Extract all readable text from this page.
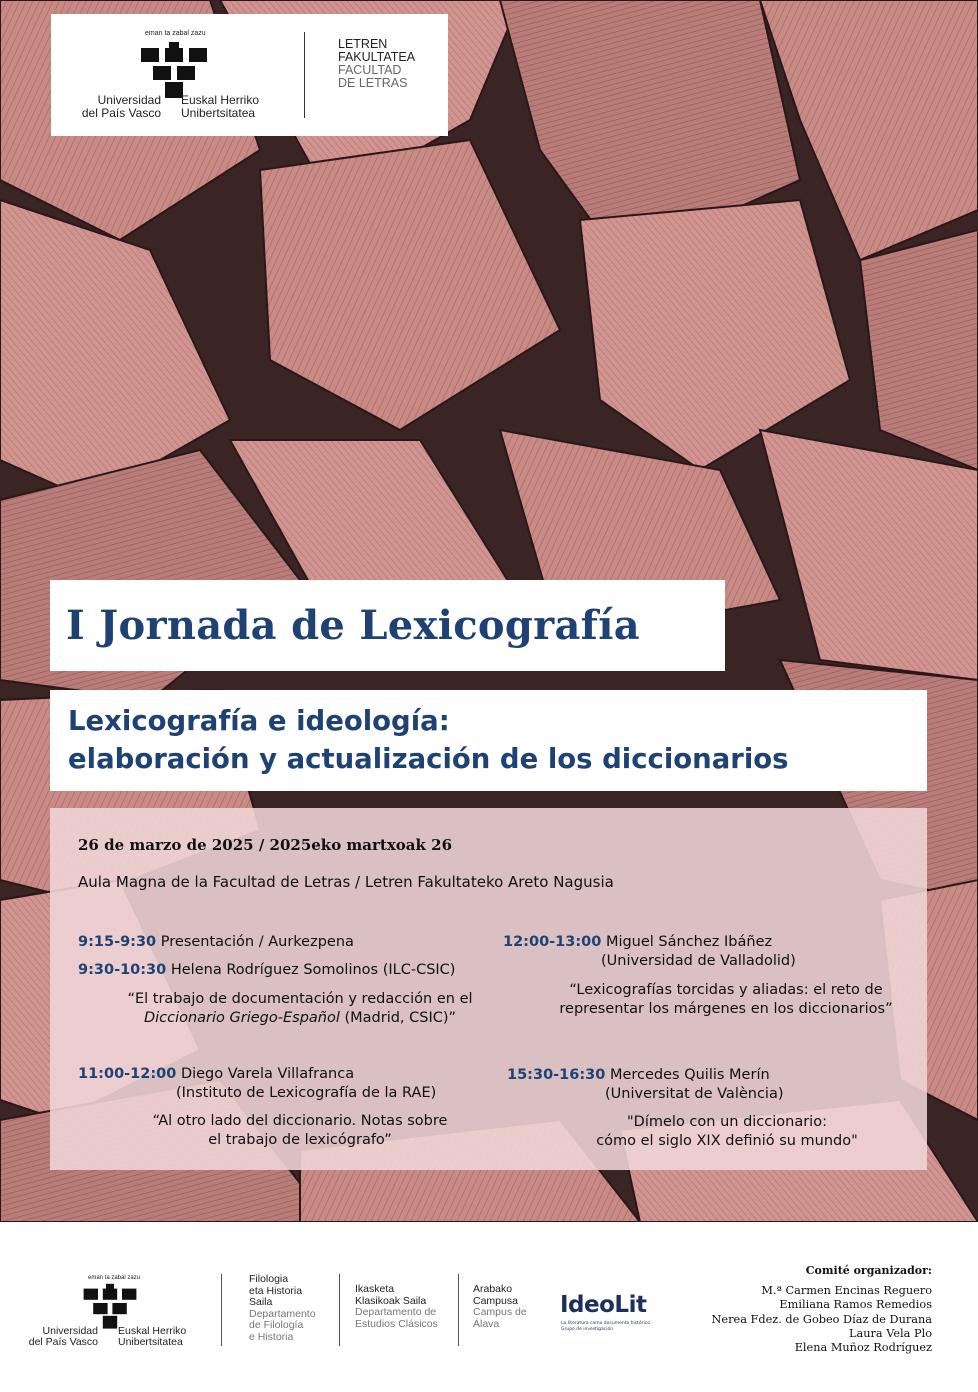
eman ta zabal zazu
Universidad
del País Vasco
Euskal Herriko
Unibertsitatea
LETREN
FAKULTATEA
FACULTAD
DE LETRAS
I Jornada de Lexicografía
Lexicografía e ideología:
elaboración y actualización de los diccionarios
26 de marzo de 2025 / 2025eko martxoak 26
Aula Magna de la Facultad de Letras / Letren Fakultateko Areto Nagusia
9:15-9:30 Presentación / Aurkezpena
9:30-10:30 Helena Rodríguez Somolinos (ILC-CSIC)
“El trabajo de documentación y redacción en el
Diccionario Griego-Español (Madrid, CSIC)”
11:00-12:00 Diego Varela Villafranca
(Instituto de Lexicografía de la RAE)
“Al otro lado del diccionario. Notas sobre
el trabajo de lexicógrafo”
12:00-13:00 Miguel Sánchez Ibáñez
(Universidad de Valladolid)
“Lexicografías torcidas y aliadas: el reto de
representar los márgenes en los diccionarios”
15:30-16:30 Mercedes Quilis Merín
(Universitat de València)
"Dímelo con un diccionario:
cómo el siglo XIX definió su mundo"
eman ta zabal zazu
Universidad
del País Vasco
Euskal Herriko
Unibertsitatea
Filologia
eta Historia
Saila
Departamento
de Filología
e Historia
Ikasketa
Klasikoak Saila
Departamento de
Estudios Clásicos
Arabako
Campusa
Campus de
Álava
IdeoLit
La literatura como documento histórico
Grupo de investigación
Comité organizador:
M.ª Carmen Encinas Reguero
Emiliana Ramos Remedios
Nerea Fdez. de Gobeo Díaz de Durana
Laura Vela Plo
Elena Muñoz Rodríguez
